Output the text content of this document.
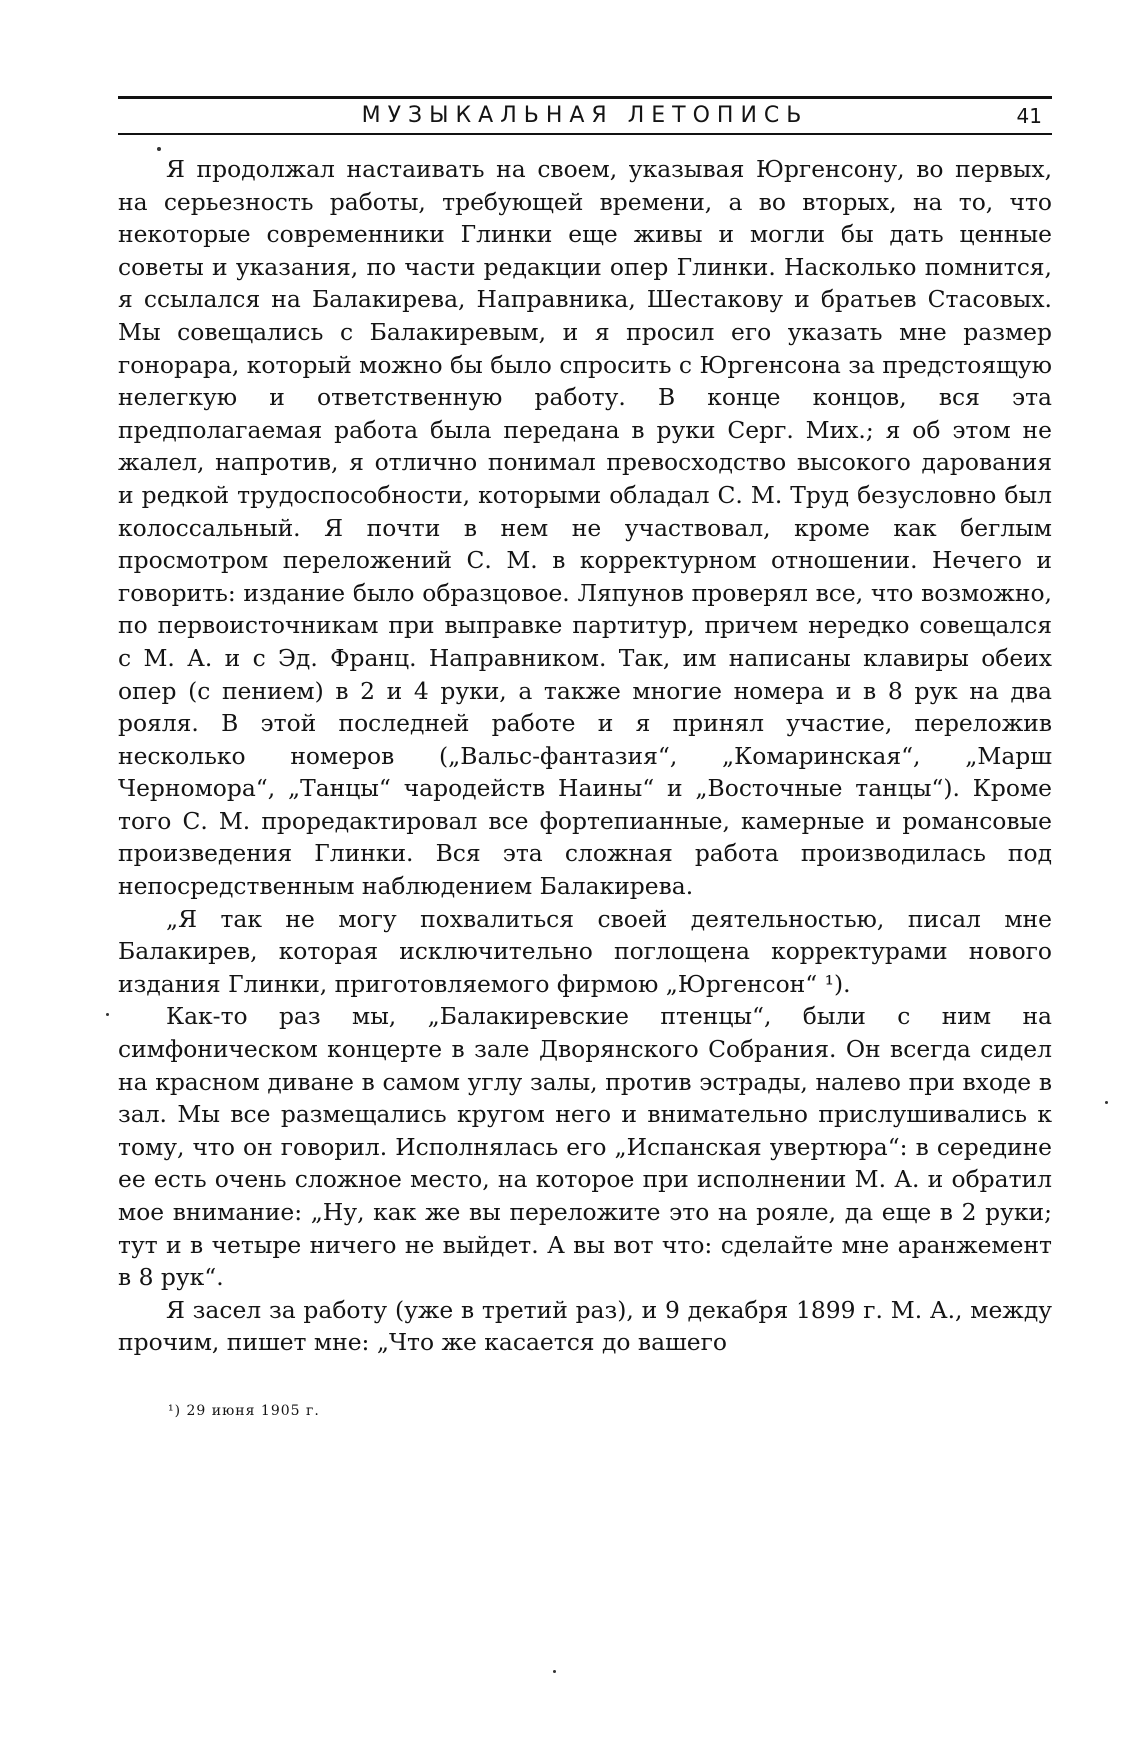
МУЗЫКАЛЬНАЯ ЛЕТОПИСЬ	41

Я продолжал настаивать на своем, указывая Юргенсону, во первых, на серьезность работы, требующей времени, а во вторых, на то, что некоторые современники Глинки еще живы и могли бы дать ценные советы и указания, по части редакции опер Глинки. Насколько помнится, я ссылался на Балакирева, Направника, Шестакову и братьев Стасовых. Мы совещались с Балакиревым, и я просил его указать мне размер гонорара, который можно бы было спросить с Юргенсона за предстоящую нелегкую и ответственную работу. В конце концов, вся эта предполагаемая работа была передана в руки Серг. Мих.; я об этом не жалел, напротив, я отлично понимал превосходство высокого дарования и редкой трудоспособности, которыми обладал С. М. Труд безусловно был колоссальный. Я почти в нем не участвовал, кроме как беглым просмотром переложений С. М. в корректурном отношении. Нечего и говорить: издание было образцовое. Ляпунов проверял все, что возможно, по первоисточникам при выправке партитур, причем нередко совещался с М. А. и с Эд. Франц. Направником. Так, им написаны клавиры обеих опер (с пением) в 2 и 4 руки, а также многие номера и в 8 рук на два рояля. В этой последней работе и я принял участие, переложив несколько номеров („Вальс-фантазия“, „Комаринская“, „Марш Черномора“, „Танцы“ чародейств Наины“ и „Восточные танцы“). Кроме того С. М. проредактировал все фортепианные, камерные и романсовые произведения Глинки. Вся эта сложная работа производилась под непосредственным наблюдением Балакирева.

„Я так не могу похвалиться своей деятельностью, писал мне Балакирев, которая исключительно поглощена корректурами нового издания Глинки, приготовляемого фирмою „Юргенсон“ ¹).

Как-то раз мы, „Балакиревские птенцы“, были с ним на симфоническом концерте в зале Дворянского Собрания. Он всегда сидел на красном диване в самом углу залы, против эстрады, налево при входе в зал. Мы все размещались кругом него и внимательно прислушивались к тому, что он говорил. Исполнялась его „Испанская увертюра“: в середине ее есть очень сложное место, на которое при исполнении М. А. и обратил мое внимание: „Ну, как же вы переложите это на рояле, да еще в 2 руки; тут и в четыре ничего не выйдет. А вы вот что: сделайте мне аранжемент в 8 рук“.

Я засел за работу (уже в третий раз), и 9 декабря 1899 г. М. А., между прочим, пишет мне: „Что же касается до вашего

¹) 29 июня 1905 г.
